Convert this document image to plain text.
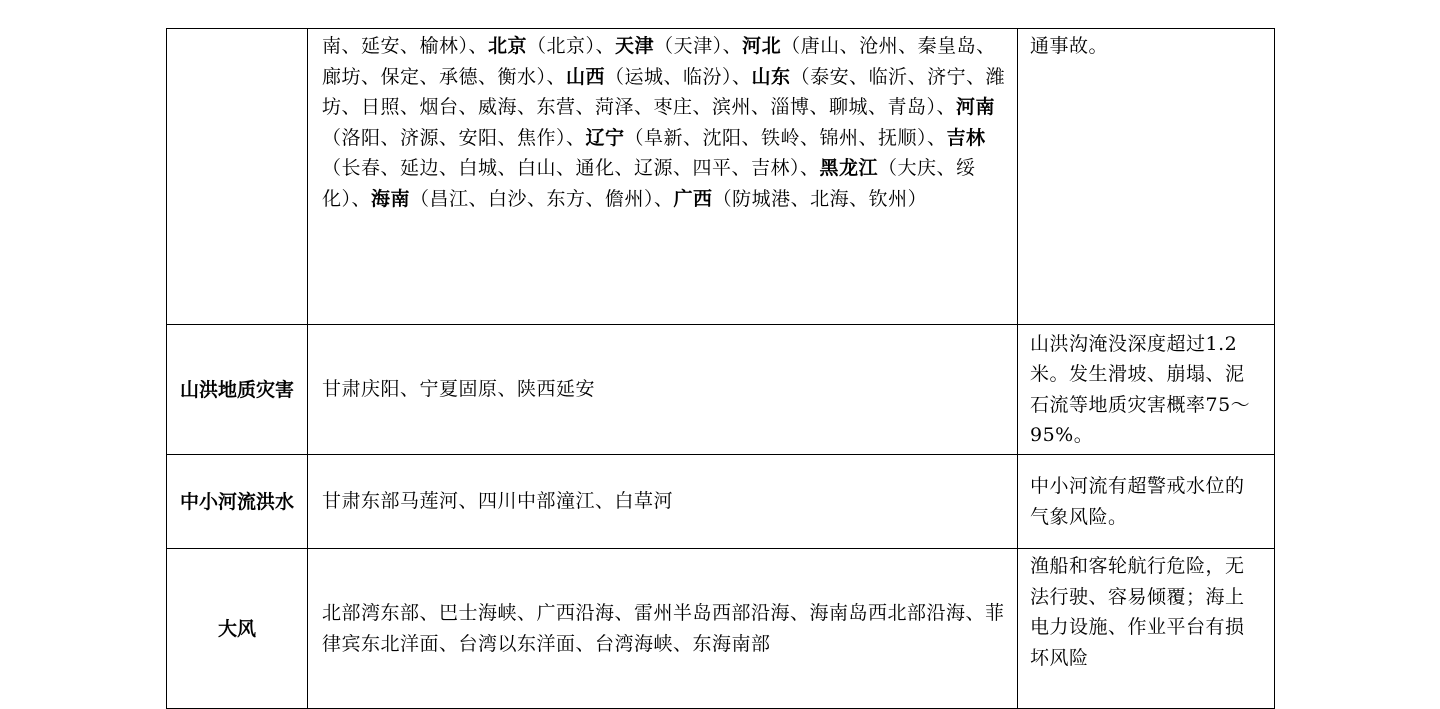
	南、延安、榆林）、北京（北京）、天津（天津）、河北（唐山、沧州、秦皇岛、廊坊、保定、承德、衡水）、山西（运城、临汾）、山东（泰安、临沂、济宁、潍坊、日照、烟台、威海、东营、菏泽、枣庄、滨州、淄博、聊城、青岛）、河南（洛阳、济源、安阳、焦作）、辽宁（阜新、沈阳、铁岭、锦州、抚顺）、吉林（长春、延边、白城、白山、通化、辽源、四平、吉林）、黑龙江（大庆、绥化）、海南（昌江、白沙、东方、儋州）、广西（防城港、北海、钦州）	通事故。
山洪地质灾害	甘肃庆阳、宁夏固原、陕西延安	山洪沟淹没深度超过1.2米。发生滑坡、崩塌、泥石流等地质灾害概率75～95%。
中小河流洪水	甘肃东部马莲河、四川中部潼江、白草河	中小河流有超警戒水位的气象风险。
大风	北部湾东部、巴士海峡、广西沿海、雷州半岛西部沿海、海南岛西北部沿海、菲律宾东北洋面、台湾以东洋面、台湾海峡、东海南部	渔船和客轮航行危险，无法行驶、容易倾覆；海上电力设施、作业平台有损坏风险
